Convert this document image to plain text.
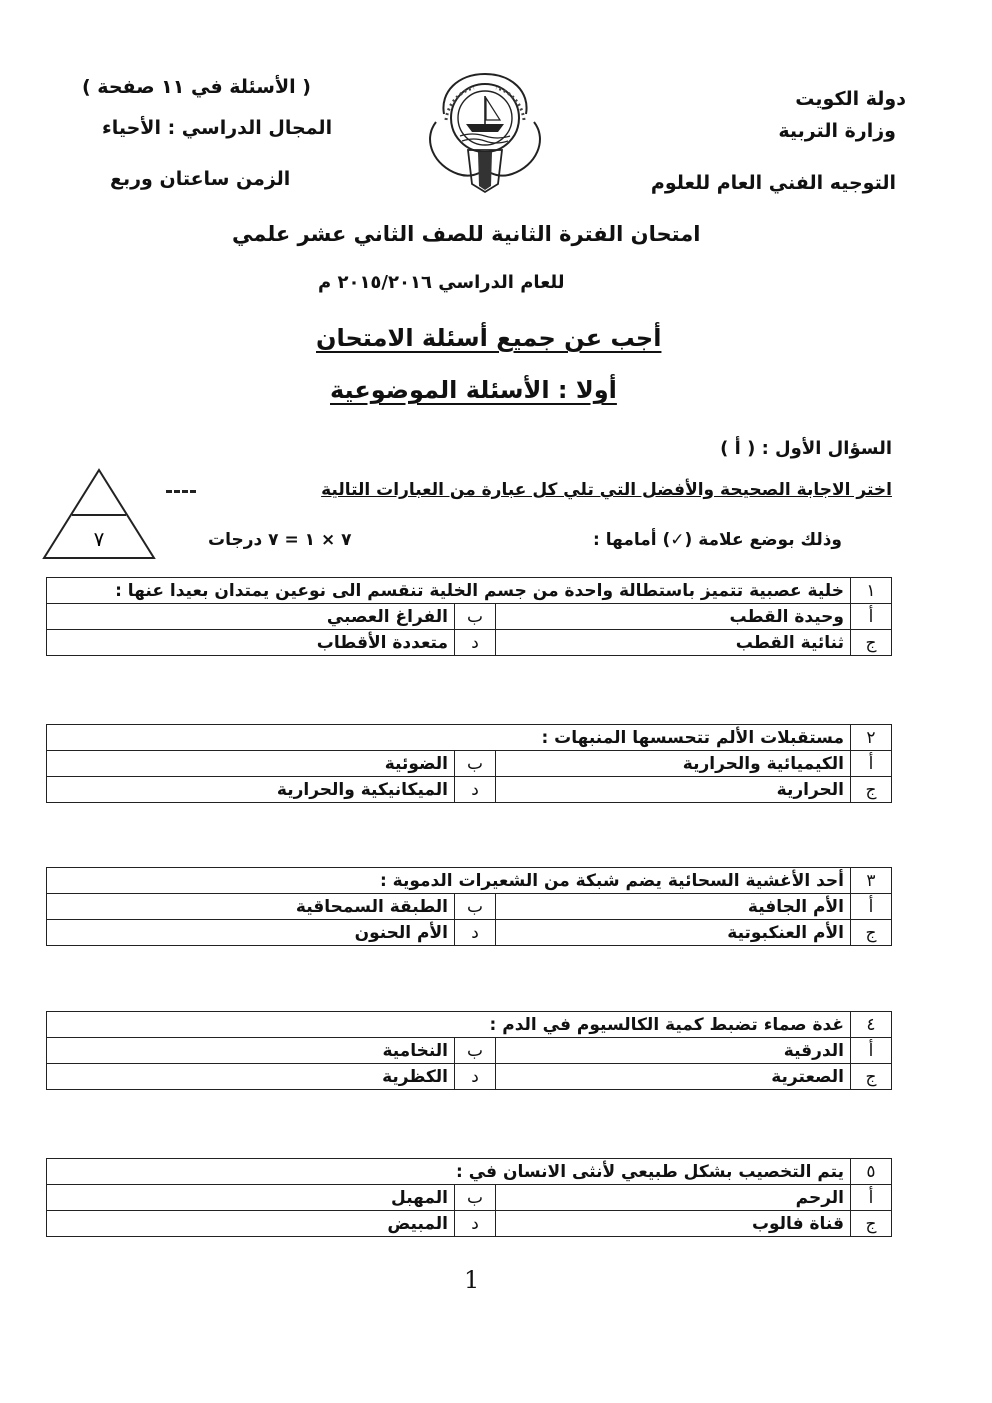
دولة الكويت
وزارة التربية
التوجيه الفني العام للعلوم
( الأسئلة في ١١ صفحة )
المجال الدراسي : الأحياء
الزمن ساعتان وربع
امتحان الفترة الثانية للصف الثاني عشر علمي
للعام الدراسي ٢٠١٥/٢٠١٦ م
أجب عن جميع أسئلة الامتحان
أولا : الأسئلة الموضوعية
السؤال الأول : ( أ )
اختر الاجابة الصحيحة والأفضل التي تلي كل عبارة من العبارات التالية
وذلك بوضع علامة (✓) أمامها :
٧ × ١ = ٧ درجات
٧
١	خلية عصبية تتميز باستطالة واحدة من جسم الخلية تنقسم الى نوعين يمتدان بعيدا عنها :		
أ	وحيدة القطب	ب	الفراغ العصبي
ج	ثنائية القطب	د	متعددة الأقطاب
٢	مستقبلات الألم تتحسسها المنبهات :		
أ	الكيميائية والحرارية	ب	الضوئية
ج	الحرارية	د	الميكانيكية والحرارية
٣	أحد الأغشية السحائية يضم شبكة من الشعيرات الدموية :		
أ	الأم الجافية	ب	الطبقة السمحاقية
ج	الأم العنكبوتية	د	الأم الحنون
٤	غدة صماء تضبط كمية الكالسيوم في الدم :		
أ	الدرقية	ب	النخامية
ج	الصعترية	د	الكظرية
٥	يتم التخصيب بشكل طبيعي لأنثى الانسان في :		
أ	الرحم	ب	المهبل
ج	قناة فالوب	د	المبيض
1
